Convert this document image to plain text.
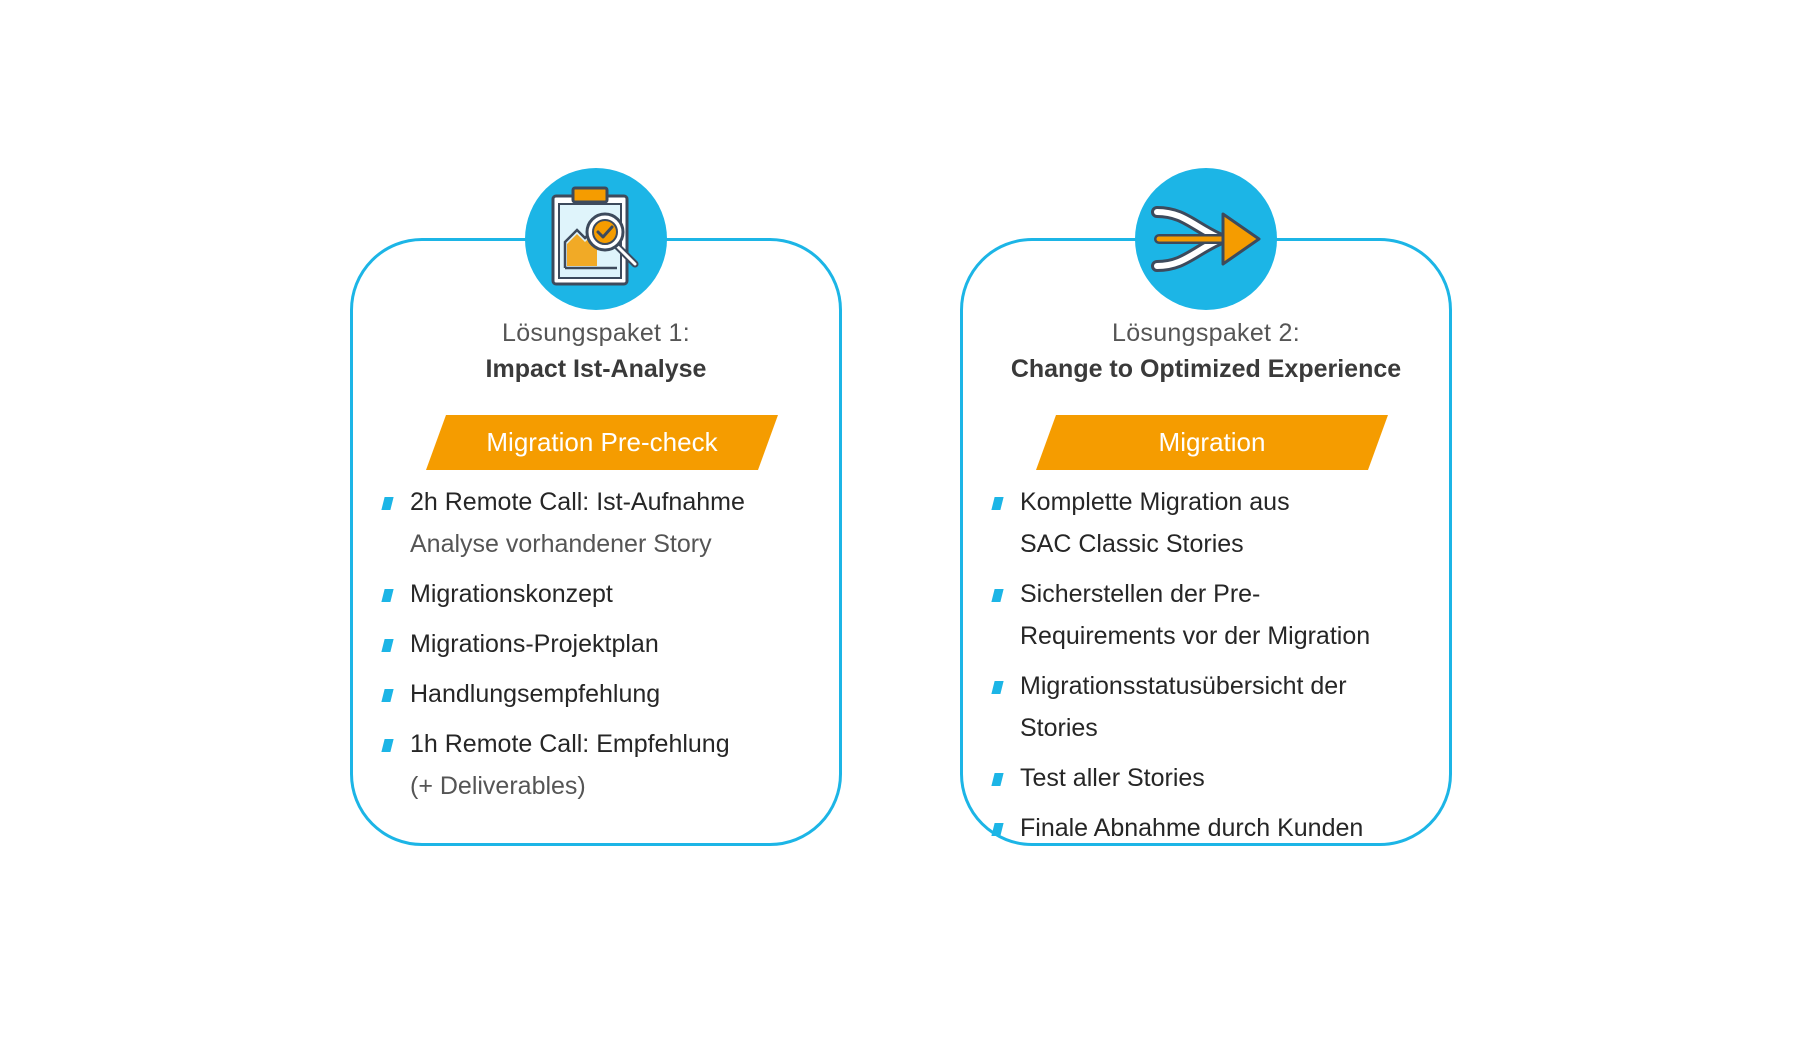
Lösungspaket 1:
Impact Ist-Analyse
Migration Pre-check
2h Remote Call: Ist-Aufnahme
Analyse vorhandener Story
Migrationskonzept
Migrations-Projektplan
Handlungsempfehlung
1h Remote Call: Empfehlung
(+ Deliverables)
Lösungspaket 2:
Change to Optimized Experience
Migration
Komplette Migration aus
SAC Classic Stories
Sicherstellen der Pre-
Requirements vor der Migration
Migrationsstatusübersicht der
Stories
Test aller Stories
Finale Abnahme durch Kunden
